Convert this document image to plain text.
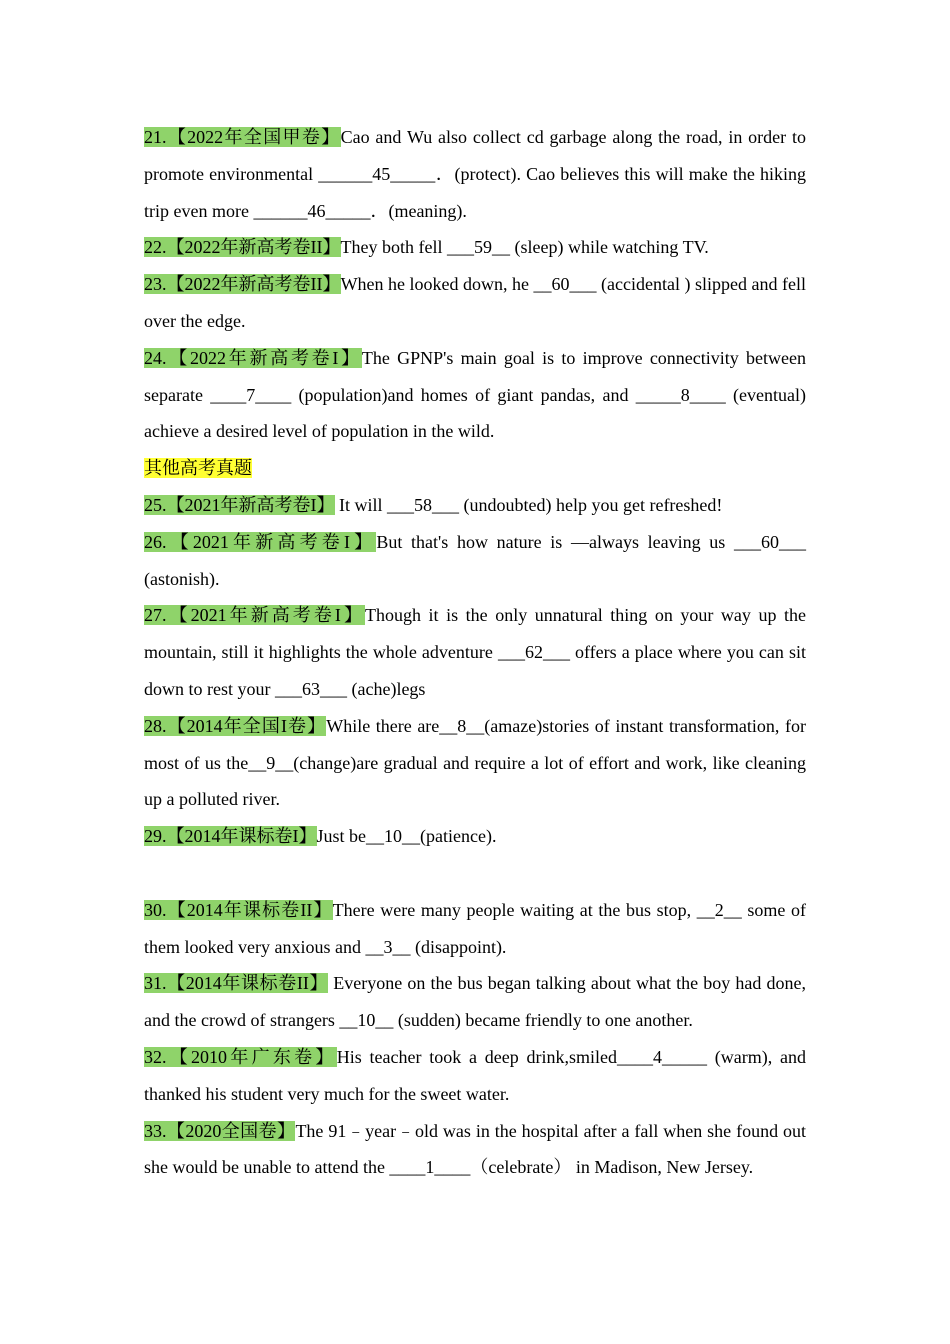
21.【2022年全国甲卷】Cao and Wu also collect cd garbage along the road, in order to promote environmental ______45_____．(protect). Cao believes this will make the hiking trip even more ______46_____．(meaning).

22.【2022年新高考卷II】They both fell ___59__ (sleep) while watching TV.

23.【2022年新高考卷II】When he looked down, he __60___ (accidental ) slipped and fell over the edge.

24.【2022年新高考卷I】The GPNP's main goal is to improve connectivity between separate ____7____ (population)and homes of giant pandas, and _____8____ (eventual) achieve a desired level of population in the wild.

其他高考真题

25.【2021年新高考卷I】 It will ___58___ (undoubted) help you get refreshed!

26.【2021年新高考卷I】But that's how nature is —always leaving us ___60___ (astonish).

27.【2021年新高考卷I】Though it is the only unnatural thing on your way up the mountain, still it highlights the whole adventure ___62___ offers a place where you can sit down to rest your ___63___ (ache)legs

28.【2014年全国I卷】While there are__8__(amaze)stories of instant transformation, for most of us the__9__(change)are gradual and require a lot of effort and work, like cleaning up a polluted river.

29.【2014年课标卷I】Just be__10__(patience).

30.【2014年课标卷II】There were many people waiting at the bus stop, __2__ some of them looked very anxious and __3__ (disappoint).

31.【2014年课标卷II】 Everyone on the bus began talking about what the boy had done, and the crowd of strangers __10__ (sudden) became friendly to one another.

32.【2010年广东卷】His teacher took a deep drink,smiled____4_____ (warm), and thanked his student very much for the sweet water.

33.【2020全国卷】The 91﹣year﹣old was in the hospital after a fall when she found out she would be unable to attend the ____1____（celebrate） in Madison, New Jersey.
